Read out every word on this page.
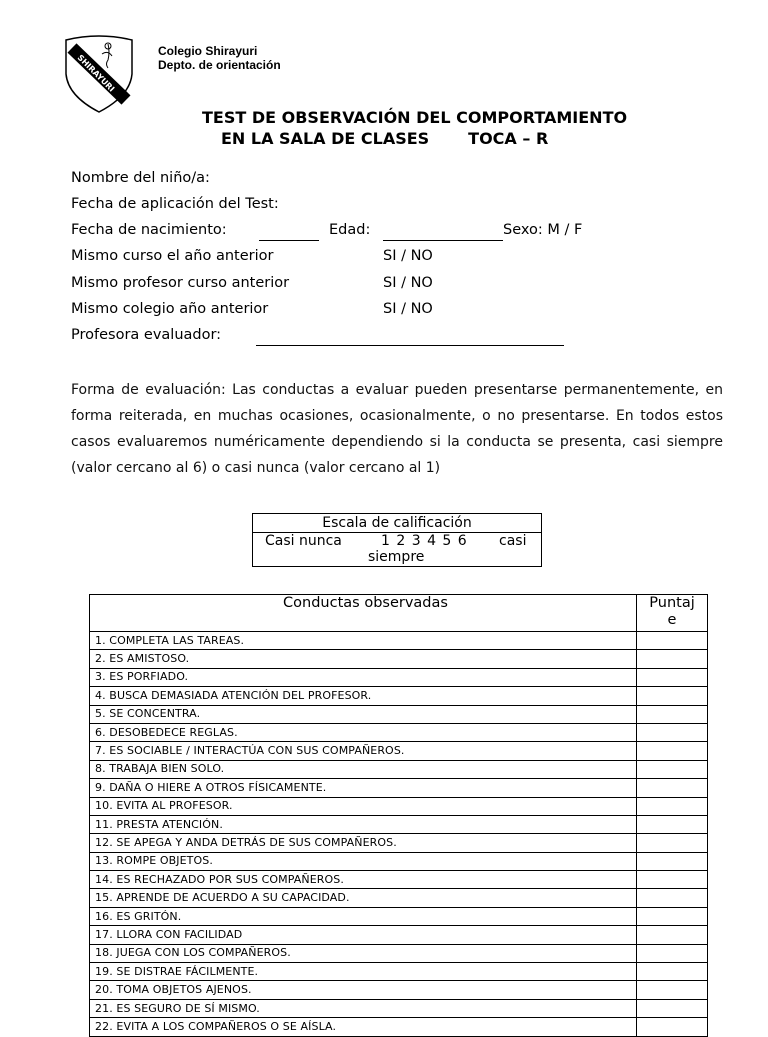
SHIRAYURI
Colegio Shirayuri
Depto. de orientación
TEST DE OBSERVACIÓN DEL COMPORTAMIENTO
EN LA SALA DE CLASES       TOCA – R
Nombre del niño/a:
Fecha de aplicación del Test:
Fecha de nacimiento:	Edad:	Sexo: M / F
Mismo curso el año anterior	SI / NO
Mismo profesor curso anterior	SI / NO
Mismo colegio año anterior	SI / NO
Profesora evaluador:
Forma de evaluación: Las conductas a evaluar pueden presentarse permanentemente, en forma reiterada, en muchas ocasiones, ocasionalmente, o no presentarse. En todos estos casos evaluaremos numéricamente dependiendo si la conducta se presenta, casi siempre (valor cercano al 6) o casi nunca (valor cercano al 1)
Escala de calificación
Casi nunca	1 2 3 4 5 6 casi
siempre
Conductas observadas	Puntaj
e

1. COMPLETA LAS TAREAS.	
2. ES AMISTOSO.	
3. ES PORFIADO.	
4. BUSCA DEMASIADA ATENCIÓN DEL PROFESOR.	
5. SE CONCENTRA.	
6. DESOBEDECE REGLAS.	
7. ES SOCIABLE / INTERACTÚA CON SUS COMPAÑEROS.	
8. TRABAJA BIEN SOLO.	
9. DAÑA O HIERE A OTROS FÍSICAMENTE.	
10. EVITA AL PROFESOR.	
11. PRESTA ATENCIÓN.	
12. SE APEGA Y ANDA DETRÁS DE SUS COMPAÑEROS.	
13. ROMPE OBJETOS.	
14. ES RECHAZADO POR SUS COMPAÑEROS.	
15. APRENDE DE ACUERDO A SU CAPACIDAD.	
16. ES GRITÓN.	
17. LLORA CON FACILIDAD	
18. JUEGA CON LOS COMPAÑEROS.	
19. SE DISTRAE FÁCILMENTE.	
20. TOMA OBJETOS AJENOS.	
21. ES SEGURO DE SÍ MISMO.	
22. EVITA A LOS COMPAÑEROS O SE AÍSLA.	
